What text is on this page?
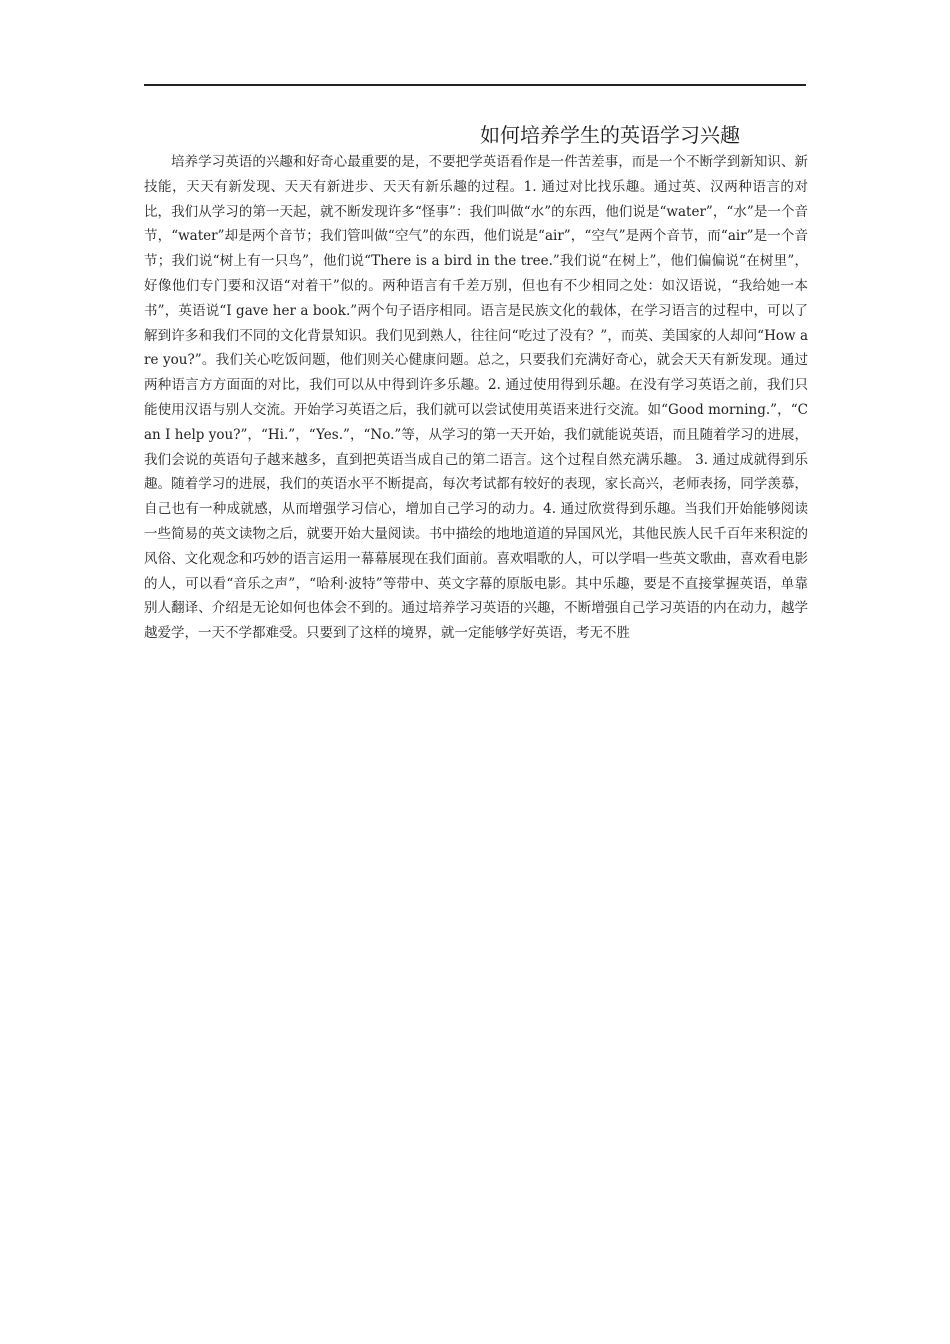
如何培养学生的英语学习兴趣
培养学习英语的兴趣和好奇心最重要的是，不要把学英语看作是一件苦差事，而是一个不断学到新知识、新技能，天天有新发现、天天有新进步、天天有新乐趣的过程。1. 通过对比找乐趣。通过英、汉两种语言的对比，我们从学习的第一天起，就不断发现许多“怪事”：我们叫做“水”的东西，他们说是“water”，“水”是一个音节，“water”却是两个音节；我们管叫做“空气”的东西，他们说是“air”，“空气”是两个音节，而“air”是一个音节；我们说“树上有一只鸟”，他们说“There is a bird in the tree.”我们说“在树上”，他们偏偏说“在树里”，好像他们专门要和汉语“对着干”似的。两种语言有千差万别，但也有不少相同之处：如汉语说，“我给她一本书”，英语说“I gave her a book.”两个句子语序相同。语言是民族文化的载体，在学习语言的过程中，可以了解到许多和我们不同的文化背景知识。我们见到熟人，往往问“吃过了没有？”，而英、美国家的人却问“How are you?”。我们关心吃饭问题，他们则关心健康问题。总之，只要我们充满好奇心，就会天天有新发现。通过两种语言方方面面的对比，我们可以从中得到许多乐趣。2. 通过使用得到乐趣。在没有学习英语之前，我们只能使用汉语与别人交流。开始学习英语之后，我们就可以尝试使用英语来进行交流。如“Good morning.”，“Can I help you?”，“Hi.”，“Yes.”，“No.”等，从学习的第一天开始，我们就能说英语，而且随着学习的进展，我们会说的英语句子越来越多，直到把英语当成自己的第二语言。这个过程自然充满乐趣。 3. 通过成就得到乐趣。随着学习的进展，我们的英语水平不断提高，每次考试都有较好的表现，家长高兴，老师表扬，同学羡慕，自己也有一种成就感，从而增强学习信心，增加自己学习的动力。4. 通过欣赏得到乐趣。当我们开始能够阅读一些简易的英文读物之后，就要开始大量阅读。书中描绘的地地道道的异国风光，其他民族人民千百年来积淀的风俗、文化观念和巧妙的语言运用一幕幕展现在我们面前。喜欢唱歌的人，可以学唱一些英文歌曲，喜欢看电影的人，可以看“音乐之声”，“哈利·波特”等带中、英文字幕的原版电影。其中乐趣，要是不直接掌握英语，单靠别人翻译、介绍是无论如何也体会不到的。通过培养学习英语的兴趣，不断增强自己学习英语的内在动力，越学越爱学，一天不学都难受。只要到了这样的境界，就一定能够学好英语，考无不胜
